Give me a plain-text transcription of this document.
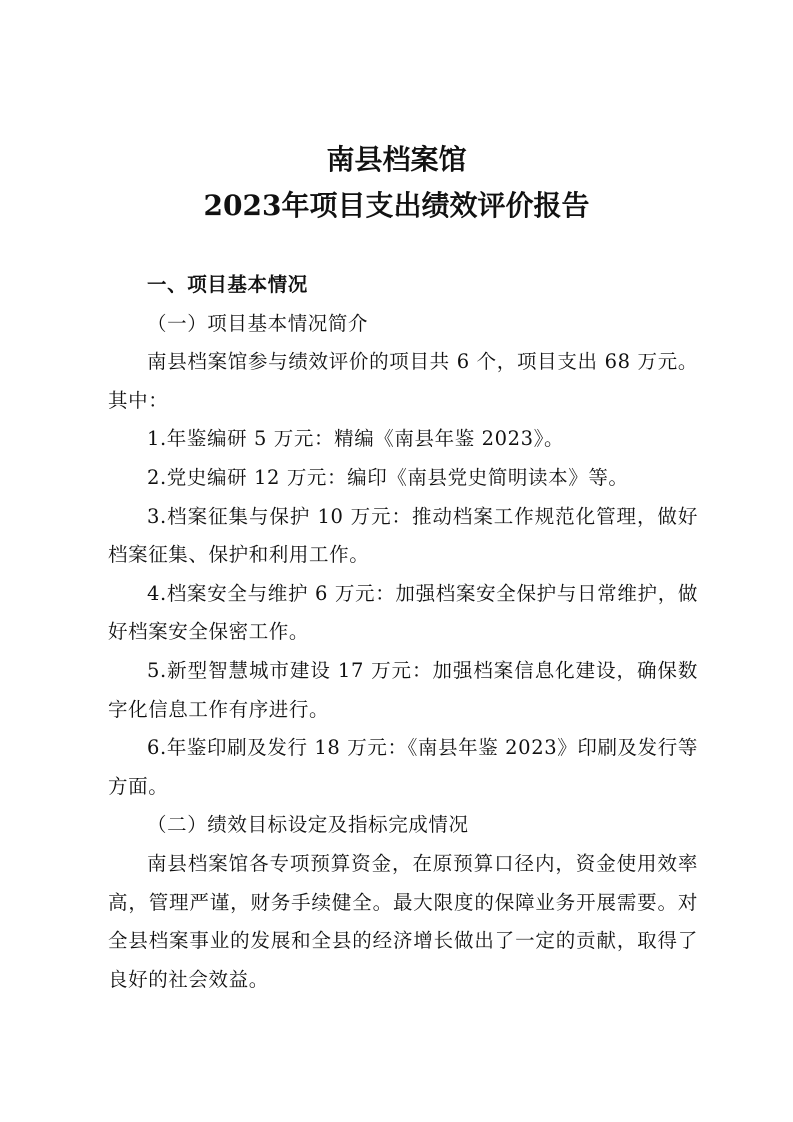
南县档案馆
2023年项目支出绩效评价报告

一、项目基本情况

（一）项目基本情况简介

南县档案馆参与绩效评价的项目共 6 个，项目支出 68 万元。其中：

1.年鉴编研 5 万元：精编《南县年鉴 2023》。

2.党史编研 12 万元：编印《南县党史简明读本》等。

3.档案征集与保护 10 万元：推动档案工作规范化管理，做好档案征集、保护和利用工作。

4.档案安全与维护 6 万元：加强档案安全保护与日常维护，做好档案安全保密工作。

5.新型智慧城市建设 17 万元：加强档案信息化建设，确保数字化信息工作有序进行。

6.年鉴印刷及发行 18 万元：《南县年鉴 2023》印刷及发行等方面。

（二）绩效目标设定及指标完成情况

南县档案馆各专项预算资金，在原预算口径内，资金使用效率高，管理严谨，财务手续健全。最大限度的保障业务开展需要。对全县档案事业的发展和全县的经济增长做出了一定的贡献，取得了良好的社会效益。
